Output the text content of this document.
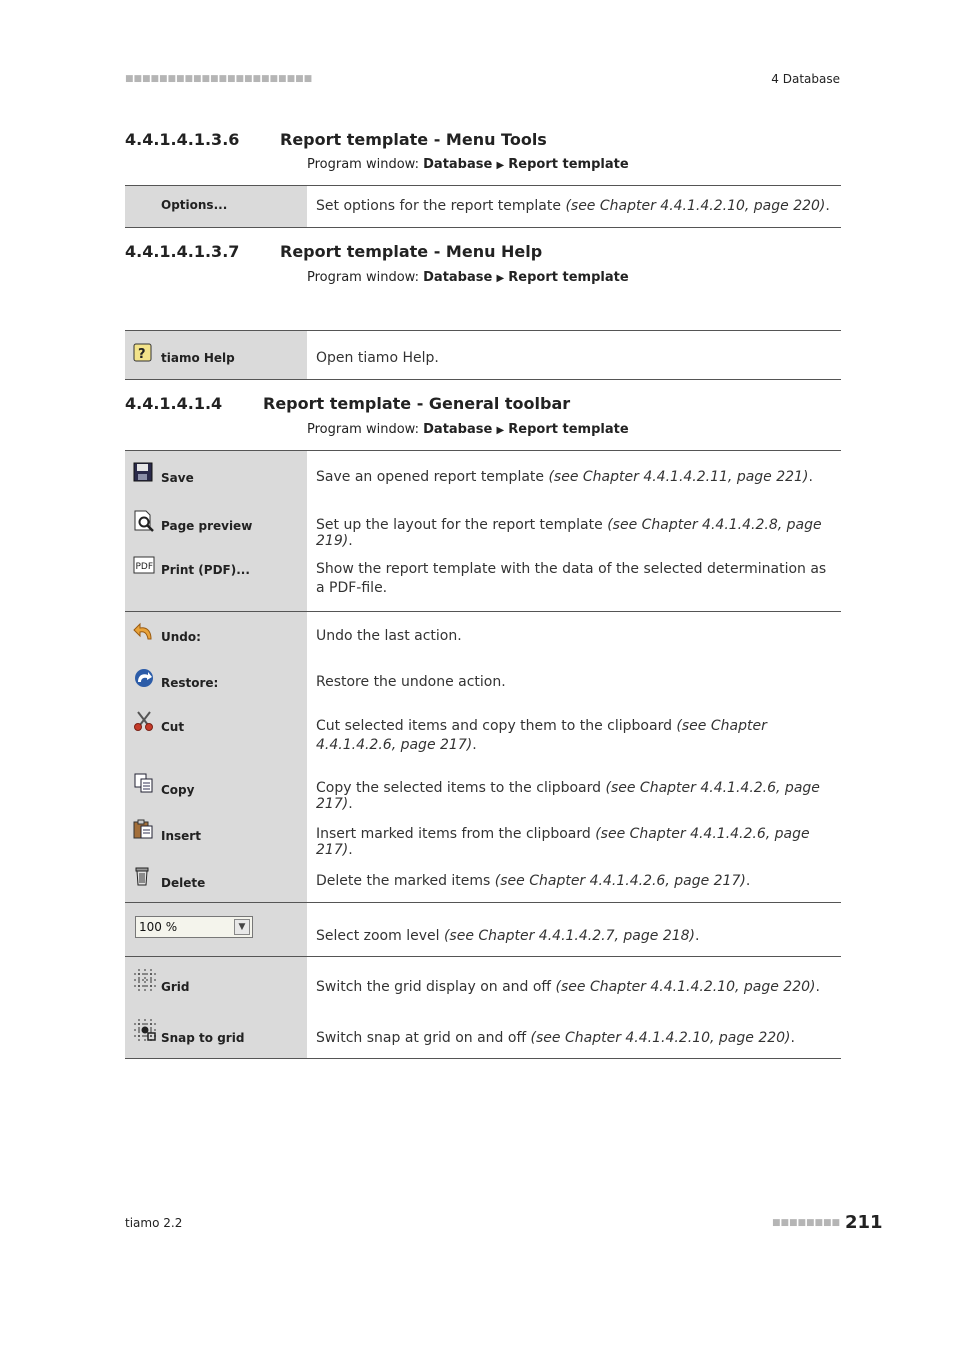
■■■■■■■■■■■■■■■■■■■■■■	4 Database
4.4.1.4.1.3.6	Report template - Menu Tools
Program window: Database ▶ Report template
Options...	Set options for the report template (see Chapter 4.4.1.4.2.10, page 220).
4.4.1.4.1.3.7	Report template - Menu Help
Program window: Database ▶ Report template
? tiamo Help	Open tiamo Help.
4.4.1.4.1.4	Report template - General toolbar
Program window: Database ▶ Report template
Save	Save an opened report template (see Chapter 4.4.1.4.2.11, page 221).

Page preview	Set up the layout for the report template (see Chapter 4.4.1.4.2.8, page 219).

PDF Print (PDF)...	Show the report template with the data of the selected determination as a PDF-file.

Undo:	Undo the last action.

Restore:	Restore the undone action.

Cut	Cut selected items and copy them to the clipboard (see Chapter 4.4.1.4.2.6, page 217).

Copy	Copy the selected items to the clipboard (see Chapter 4.4.1.4.2.6, page 217).

Insert	Insert marked items from the clipboard (see Chapter 4.4.1.4.2.6, page 217).

Delete	Delete the marked items (see Chapter 4.4.1.4.2.6, page 217).

100 % ▼	Select zoom level (see Chapter 4.4.1.4.2.7, page 218).

Grid	Switch the grid display on and off (see Chapter 4.4.1.4.2.10, page 220).

Snap to grid	Switch snap at grid on and off (see Chapter 4.4.1.4.2.10, page 220).
tiamo 2.2	■■■■■■■■ 211
